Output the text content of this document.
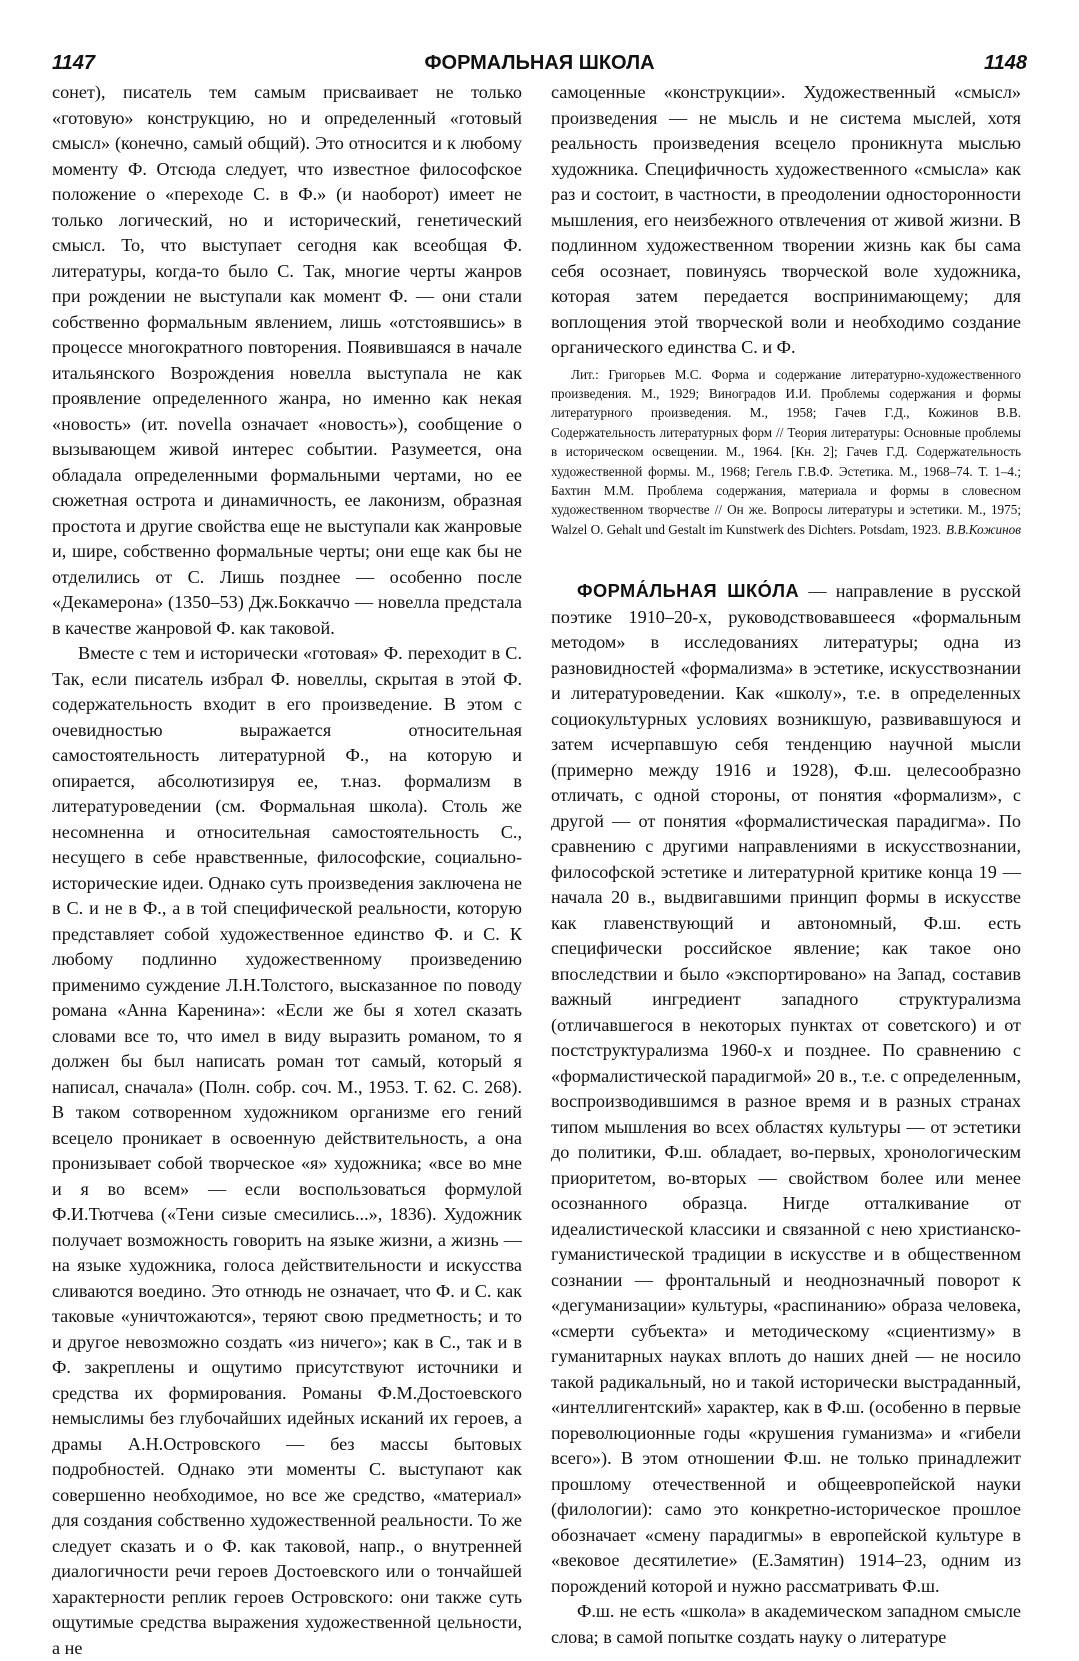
1147	ФОРМАЛЬНАЯ ШКОЛА	1148

сонет), писатель тем самым присваивает не только «готовую» конструкцию, но и определенный «готовый смысл» (конечно, самый общий). Это относится и к любому моменту Ф. Отсюда следует, что известное философское положение о «переходе С. в Ф.» (и наоборот) имеет не только логический, но и исторический, генетический смысл. То, что выступает сегодня как всеобщая Ф. литературы, когда-то было С. Так, многие черты жанров при рождении не выступали как момент Ф. — они стали собственно формальным явлением, лишь «отстоявшись» в процессе многократного повторения. Появившаяся в начале итальянского Возрождения новелла выступала не как проявление определенного жанра, но именно как некая «новость» (ит. novella означает «новость»), сообщение о вызывающем живой интерес событии. Разумеется, она обладала определенными формальными чертами, но ее сюжетная острота и динамичность, ее лаконизм, образная простота и другие свойства еще не выступали как жанровые и, шире, собственно формальные черты; они еще как бы не отделились от С. Лишь позднее — особенно после «Декамерона» (1350–53) Дж.Боккаччо — новелла предстала в качестве жанровой Ф. как таковой.

Вместе с тем и исторически «готовая» Ф. переходит в С. Так, если писатель избрал Ф. новеллы, скрытая в этой Ф. содержательность входит в его произведение. В этом с очевидностью выражается относительная самостоятельность литературной Ф., на которую и опирается, абсолютизируя ее, т.наз. формализм в литературоведении (см. Формальная школа). Столь же несомненна и относительная самостоятельность С., несущего в себе нравственные, философские, социально-исторические идеи. Однако суть произведения заключена не в С. и не в Ф., а в той специфической реальности, которую представляет собой художественное единство Ф. и С. К любому подлинно художественному произведению применимо суждение Л.Н.Толстого, высказанное по поводу романа «Анна Каренина»: «Если же бы я хотел сказать словами все то, что имел в виду выразить романом, то я должен бы был написать роман тот самый, который я написал, сначала» (Полн. собр. соч. М., 1953. Т. 62. С. 268). В таком сотворенном художником организме его гений всецело проникает в освоенную действительность, а она пронизывает собой творческое «я» художника; «все во мне и я во всем» — если воспользоваться формулой Ф.И.Тютчева («Тени сизые смесились...», 1836). Художник получает возможность говорить на языке жизни, а жизнь — на языке художника, голоса действительности и искусства сливаются воедино. Это отнюдь не означает, что Ф. и С. как таковые «уничтожаются», теряют свою предметность; и то и другое невозможно создать «из ничего»; как в С., так и в Ф. закреплены и ощутимо присутствуют источники и средства их формирования. Романы Ф.М.Достоевского немыслимы без глубочайших идейных исканий их героев, а драмы А.Н.Островского — без массы бытовых подробностей. Однако эти моменты С. выступают как совершенно необходимое, но все же средство, «материал» для создания собственно художественной реальности. То же следует сказать и о Ф. как таковой, напр., о внутренней диалогичности речи героев Достоевского или о тончайшей характерности реплик героев Островского: они также суть ощутимые средства выражения художественной цельности, а не

самоценные «конструкции». Художественный «смысл» произведения — не мысль и не система мыслей, хотя реальность произведения всецело проникнута мыслью художника. Специфичность художественного «смысла» как раз и состоит, в частности, в преодолении односторонности мышления, его неизбежного отвлечения от живой жизни. В подлинном художественном творении жизнь как бы сама себя осознает, повинуясь творческой воле художника, которая затем передается воспринимающему; для воплощения этой творческой воли и необходимо создание органического единства С. и Ф.

Лит.: Григорьев М.С. Форма и содержание литературно-художественного произведения. М., 1929; Виноградов И.И. Проблемы содержания и формы литературного произведения. М., 1958; Гачев Г.Д., Кожинов В.В. Содержательность литературных форм // Теория литературы: Основные проблемы в историческом освещении. М., 1964. [Кн. 2]; Гачев Г.Д. Содержательность художественной формы. М., 1968; Гегель Г.В.Ф. Эстетика. М., 1968–74. Т. 1–4.; Бахтин М.М. Проблема содержания, материала и формы в словесном художественном творчестве // Он же. Вопросы литературы и эстетики. М., 1975; Walzel O. Gehalt und Gestalt im Kunstwerk des Dichters. Potsdam, 1923. В.В.Кожинов

ФОРМА́ЛЬНАЯ ШКО́ЛА — направление в русской поэтике 1910–20-х, руководствовавшееся «формальным методом» в исследованиях литературы; одна из разновидностей «формализма» в эстетике, искусствознании и литературоведении. Как «школу», т.е. в определенных социокультурных условиях возникшую, развивавшуюся и затем исчерпавшую себя тенденцию научной мысли (примерно между 1916 и 1928), Ф.ш. целесообразно отличать, с одной стороны, от понятия «формализм», с другой — от понятия «формалистическая парадигма». По сравнению с другими направлениями в искусствознании, философской эстетике и литературной критике конца 19 — начала 20 в., выдвигавшими принцип формы в искусстве как главенствующий и автономный, Ф.ш. есть специфически российское явление; как такое оно впоследствии и было «экспортировано» на Запад, составив важный ингредиент западного структурализма (отличавшегося в некоторых пунктах от советского) и от постструктурализма 1960-х и позднее. По сравнению с «формалистической парадигмой» 20 в., т.е. с определенным, воспроизводившимся в разное время и в разных странах типом мышления во всех областях культуры — от эстетики до политики, Ф.ш. обладает, во-первых, хронологическим приоритетом, во-вторых — свойством более или менее осознанного образца. Нигде отталкивание от идеалистической классики и связанной с нею христианско-гуманистической традиции в искусстве и в общественном сознании — фронтальный и неоднозначный поворот к «дегуманизации» культуры, «распинанию» образа человека, «смерти субъекта» и методическому «сциентизму» в гуманитарных науках вплоть до наших дней — не носило такой радикальный, но и такой исторически выстраданный, «интеллигентский» характер, как в Ф.ш. (особенно в первые пореволюционные годы «крушения гуманизма» и «гибели всего»). В этом отношении Ф.ш. не только принадлежит прошлому отечественной и общеевропейской науки (филологии): само это конкретно-историческое прошлое обозначает «смену парадигмы» в европейской культуре в «вековое десятилетие» (Е.Замятин) 1914–23, одним из порождений которой и нужно рассматривать Ф.ш.

Ф.ш. не есть «школа» в академическом западном смысле слова; в самой попытке создать науку о литературе
